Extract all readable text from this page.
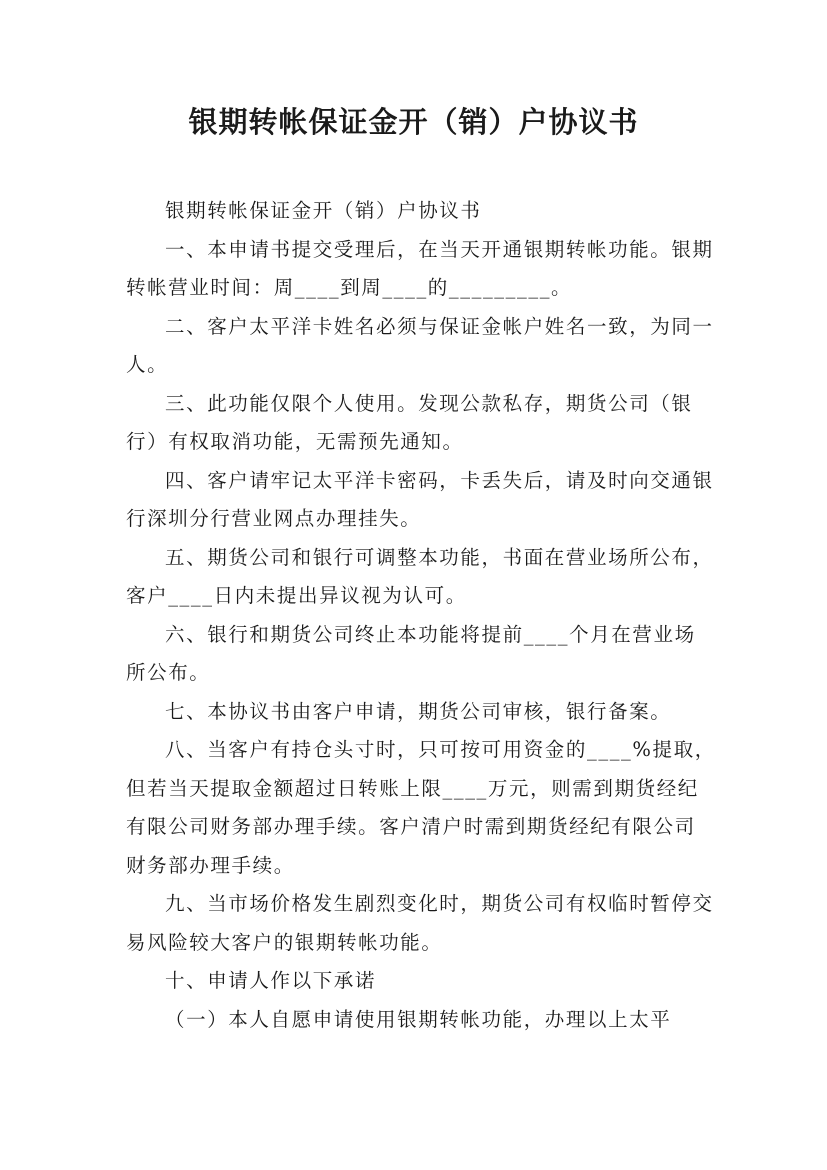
银期转帐保证金开（销）户协议书

银期转帐保证金开（销）户协议书

一、本申请书提交受理后，在当天开通银期转帐功能。银期转帐营业时间：周____到周____的_________。

二、客户太平洋卡姓名必须与保证金帐户姓名一致，为同一人。

三、此功能仅限个人使用。发现公款私存，期货公司（银行）有权取消功能，无需预先通知。

四、客户请牢记太平洋卡密码，卡丢失后，请及时向交通银行深圳分行营业网点办理挂失。

五、期货公司和银行可调整本功能，书面在营业场所公布，客户____日内未提出异议视为认可。

六、银行和期货公司终止本功能将提前____个月在营业场所公布。

七、本协议书由客户申请，期货公司审核，银行备案。

八、当客户有持仓头寸时，只可按可用资金的____%提取，但若当天提取金额超过日转账上限____万元，则需到期货经纪有限公司财务部办理手续。客户清户时需到期货经纪有限公司财务部办理手续。

九、当市场价格发生剧烈变化时，期货公司有权临时暂停交易风险较大客户的银期转帐功能。

十、申请人作以下承诺

（一）本人自愿申请使用银期转帐功能，办理以上太平
